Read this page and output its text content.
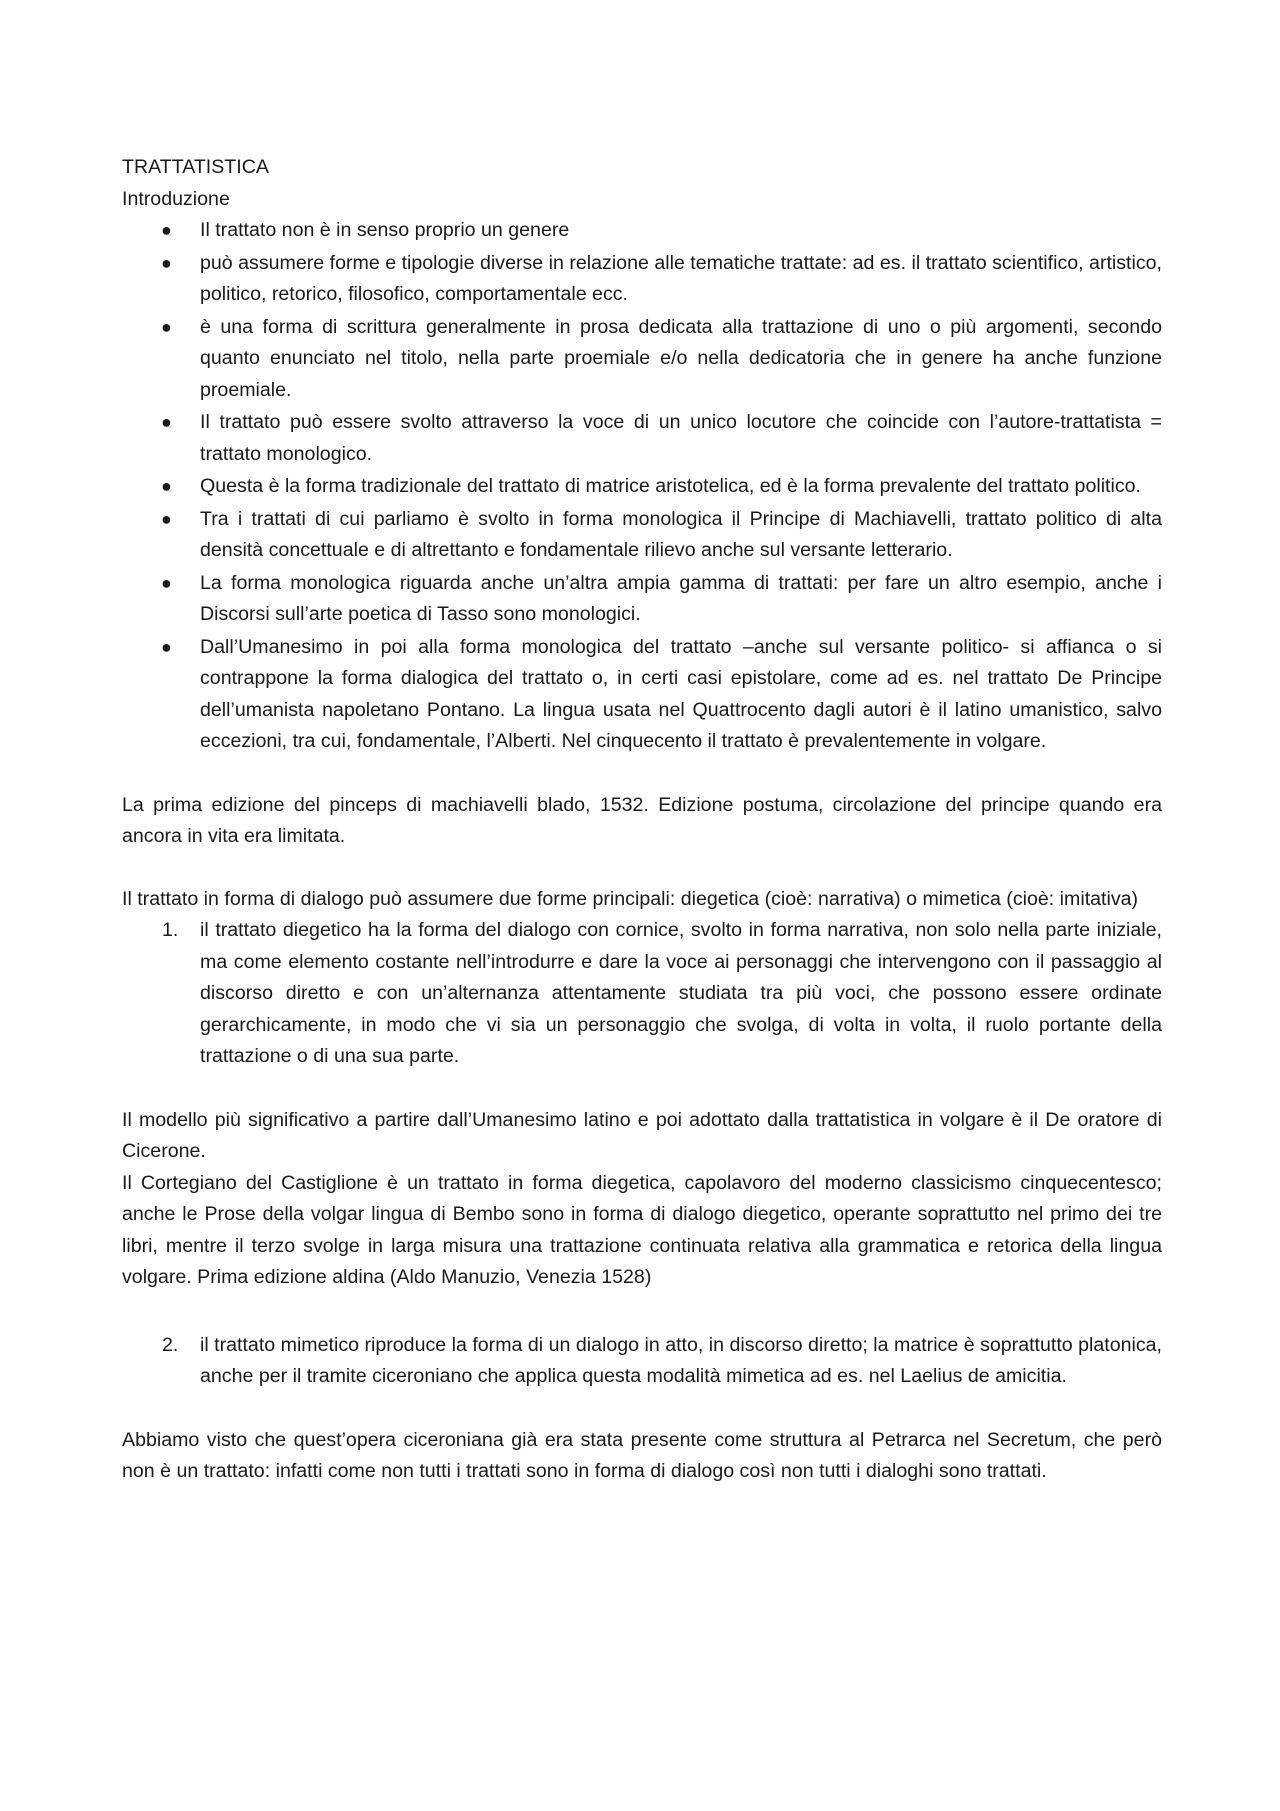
TRATTATISTICA

Introduzione

● Il trattato non è in senso proprio un genere
● può assumere forme e tipologie diverse in relazione alle tematiche trattate: ad es. il trattato scientifico, artistico, politico, retorico, filosofico, comportamentale ecc.
● è una forma di scrittura generalmente in prosa dedicata alla trattazione di uno o più argomenti, secondo quanto enunciato nel titolo, nella parte proemiale e/o nella dedicatoria che in genere ha anche funzione proemiale.
● Il trattato può essere svolto attraverso la voce di un unico locutore che coincide con l’autore-trattatista = trattato monologico.
● Questa è la forma tradizionale del trattato di matrice aristotelica, ed è la forma prevalente del trattato politico.
● Tra i trattati di cui parliamo è svolto in forma monologica il Principe di Machiavelli, trattato politico di alta densità concettuale e di altrettanto e fondamentale rilievo anche sul versante letterario.
● La forma monologica riguarda anche un’altra ampia gamma di trattati: per fare un altro esempio, anche i Discorsi sull’arte poetica di Tasso sono monologici.
● Dall’Umanesimo in poi alla forma monologica del trattato –anche sul versante politico- si affianca o si contrappone la forma dialogica del trattato o, in certi casi epistolare, come ad es. nel trattato De Principe dell’umanista napoletano Pontano. La lingua usata nel Quattrocento dagli autori è il latino umanistico, salvo eccezioni, tra cui, fondamentale, l’Alberti. Nel cinquecento il trattato è prevalentemente in volgare.

La prima edizione del pinceps di machiavelli blado, 1532. Edizione postuma, circolazione del principe quando era ancora in vita era limitata.

Il trattato in forma di dialogo può assumere due forme principali: diegetica (cioè: narrativa) o mimetica (cioè: imitativa)

1. il trattato diegetico ha la forma del dialogo con cornice, svolto in forma narrativa, non solo nella parte iniziale, ma come elemento costante nell’introdurre e dare la voce ai personaggi che intervengono con il passaggio al discorso diretto e con un’alternanza attentamente studiata tra più voci, che possono essere ordinate gerarchicamente, in modo che vi sia un personaggio che svolga, di volta in volta, il ruolo portante della trattazione o di una sua parte.

Il modello più significativo a partire dall’Umanesimo latino e poi adottato dalla trattatistica in volgare è il De oratore di Cicerone.

Il Cortegiano del Castiglione è un trattato in forma diegetica, capolavoro del moderno classicismo cinquecentesco; anche le Prose della volgar lingua di Bembo sono in forma di dialogo diegetico, operante soprattutto nel primo dei tre libri, mentre il terzo svolge in larga misura una trattazione continuata relativa alla grammatica e retorica della lingua volgare. Prima edizione aldina (Aldo Manuzio, Venezia 1528)

2. il trattato mimetico riproduce la forma di un dialogo in atto, in discorso diretto; la matrice è soprattutto platonica, anche per il tramite ciceroniano che applica questa modalità mimetica ad es. nel Laelius de amicitia.

Abbiamo visto che quest’opera ciceroniana già era stata presente come struttura al Petrarca nel Secretum, che però non è un trattato: infatti come non tutti i trattati sono in forma di dialogo così non tutti i dialoghi sono trattati.
